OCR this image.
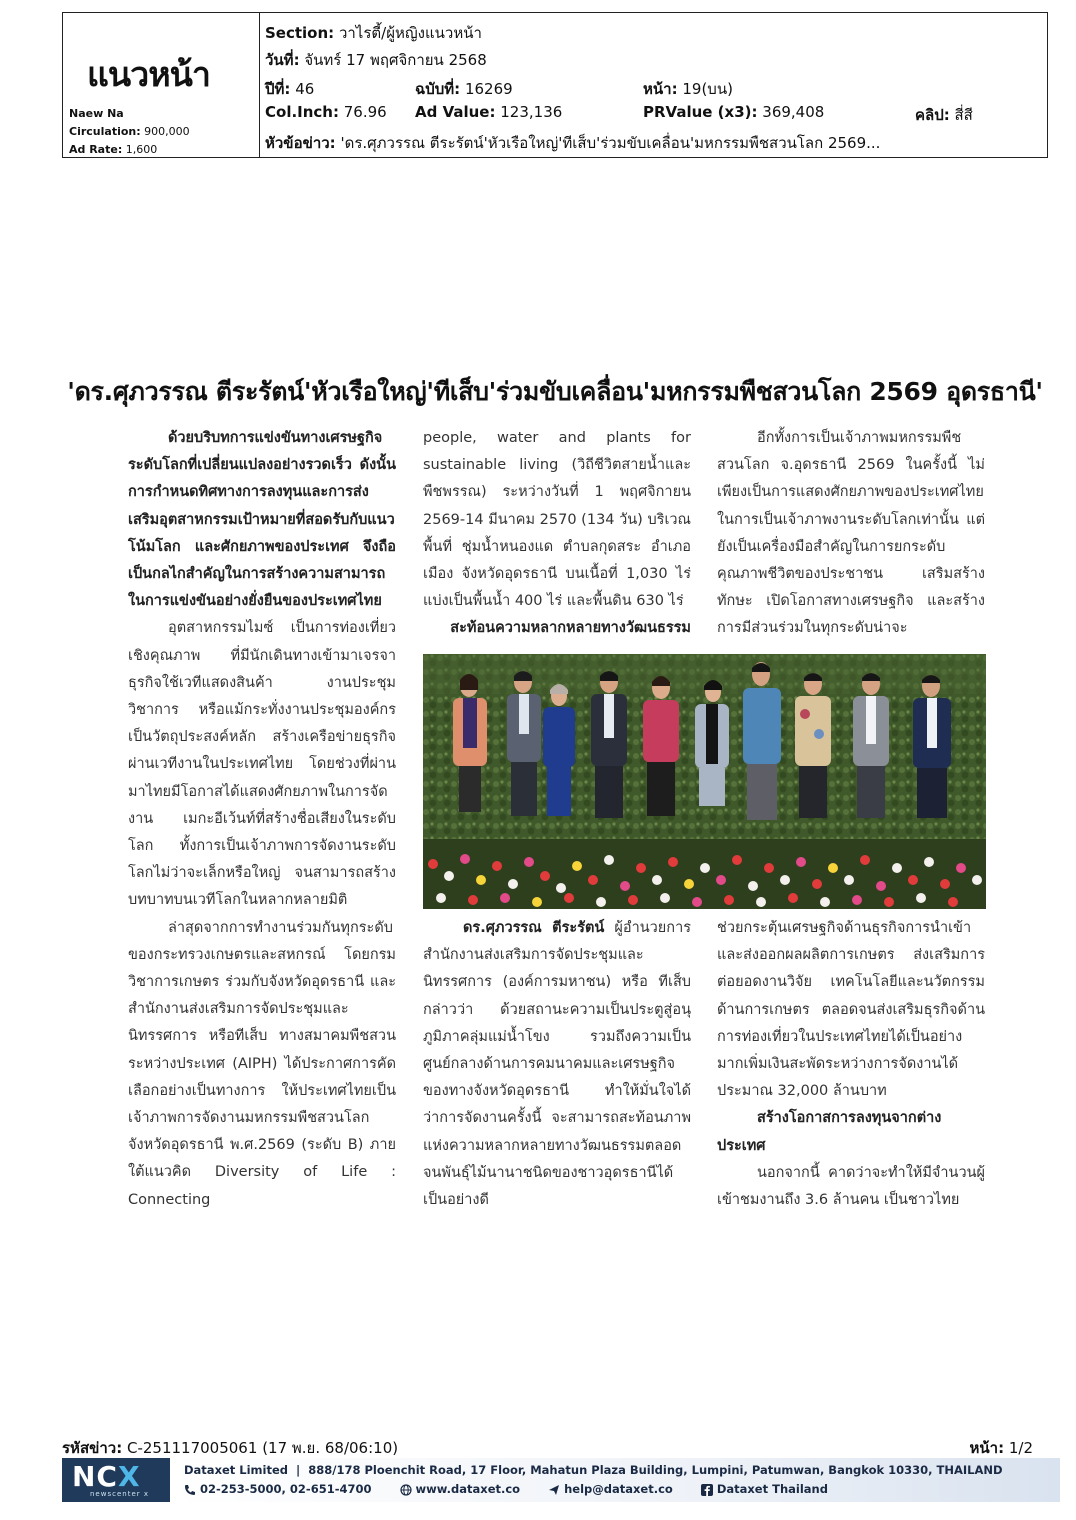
แนวหน้า
Naew Na
Circulation: 900,000
Ad Rate: 1,600
Section: วาไรตี้/ผู้หญิงแนวหน้า
วันที่: จันทร์ 17 พฤศจิกายน 2568
ปีที่: 46	ฉบับที่: 16269	หน้า: 19(บน)
Col.Inch: 76.96 Ad Value: 123,136	PRValue (x3): 369,408	คลิป: สี่สี
หัวข้อข่าว: 'ดร.ศุภวรรณ ตีระรัตน์'หัวเรือใหญ่'ทีเส็บ'ร่วมขับเคลื่อน'มหกรรมพืชสวนโลก 2569...
'ดร.ศุภวรรณ ตีระรัตน์'หัวเรือใหญ่'ทีเส็บ'ร่วมขับเคลื่อน'มหกรรมพืชสวนโลก 2569 อุดรธานี'

ด้วยบริบทการแข่งขันทางเศรษฐกิจระดับโลกที่เปลี่ยนแปลงอย่างรวดเร็ว ดังนั้น การกำหนดทิศทางการลงทุนและการส่งเสริมอุตสาหกรรมเป้าหมายที่สอดรับกับแนวโน้มโลก และศักยภาพของประเทศ จึงถือเป็นกลไกสำคัญในการสร้างความสามารถในการแข่งขันอย่างยั่งยืนของประเทศไทย

อุตสาหกรรมไมซ์ เป็นการท่องเที่ยวเชิงคุณภาพ ที่มีนักเดินทางเข้ามาเจรจาธุรกิจใช้เวทีแสดงสินค้า งานประชุมวิชาการ หรือแม้กระทั่งงานประชุมองค์กรเป็นวัตถุประสงค์หลัก สร้างเครือข่ายธุรกิจผ่านเวทีงานในประเทศไทย โดยช่วงที่ผ่านมาไทยมีโอกาสได้แสดงศักยภาพในการจัดงาน เมกะอีเว้นท์ที่สร้างชื่อเสียงในระดับโลก ทั้งการเป็นเจ้าภาพการจัดงานระดับโลกไม่ว่าจะเล็กหรือใหญ่ จนสามารถสร้างบทบาทบนเวทีโลกในหลากหลายมิติ

ล่าสุดจากการทำงานร่วมกันทุกระดับของกระทรวงเกษตรและสหกรณ์ โดยกรมวิชาการเกษตร ร่วมกับจังหวัดอุดรธานี และสำนักงานส่งเสริมการจัดประชุมและนิทรรศการ หรือทีเส็บ ทางสมาคมพืชสวนระหว่างประเทศ (AIPH) ได้ประกาศการคัดเลือกอย่างเป็นทางการ ให้ประเทศไทยเป็นเจ้าภาพการจัดงานมหกรรมพืชสวนโลก จังหวัดอุดรธานี พ.ศ.2569 (ระดับ B) ภายใต้แนวคิด Diversity of Life : Connecting

people, water and plants for sustainable living (วิถีชีวิตสายน้ำและพืชพรรณ) ระหว่างวันที่ 1 พฤศจิกายน 2569-14 มีนาคม 2570 (134 วัน) บริเวณพื้นที่ ชุ่มน้ำหนองแด ตำบลกุดสระ อำเภอเมือง จังหวัดอุดรธานี บนเนื้อที่ 1,030 ไร่ แบ่งเป็นพื้นน้ำ 400 ไร่ และพื้นดิน 630 ไร่

สะท้อนความหลากหลายทางวัฒนธรรม

อีกทั้งการเป็นเจ้าภาพมหกรรมพืชสวนโลก จ.อุดรธานี 2569 ในครั้งนี้ ไม่เพียงเป็นการแสดงศักยภาพของประเทศไทยในการเป็นเจ้าภาพงานระดับโลกเท่านั้น แต่ยังเป็นเครื่องมือสำคัญในการยกระดับคุณภาพชีวิตของประชาชน เสริมสร้างทักษะ เปิดโอกาสทางเศรษฐกิจ และสร้างการมีส่วนร่วมในทุกระดับน่าจะ

ดร.ศุภวรรณ ตีระรัตน์ ผู้อำนวยการสำนักงานส่งเสริมการจัดประชุมและนิทรรศการ (องค์การมหาชน) หรือ ทีเส็บ กล่าวว่า ด้วยสถานะความเป็นประตูสู่อนุภูมิภาคลุ่มแม่น้ำโขง รวมถึงความเป็นศูนย์กลางด้านการคมนาคมและเศรษฐกิจของทางจังหวัดอุดรธานี ทำให้มั่นใจได้ว่าการจัดงานครั้งนี้ จะสามารถสะท้อนภาพแห่งความหลากหลายทางวัฒนธรรมตลอดจนพันธุ์ไม้นานาชนิดของชาวอุดรธานีได้เป็นอย่างดี

ช่วยกระตุ้นเศรษฐกิจด้านธุรกิจการนำเข้าและส่งออกผลผลิตการเกษตร ส่งเสริมการต่อยอดงานวิจัย เทคโนโลยีและนวัตกรรมด้านการเกษตร ตลอดจนส่งเสริมธุรกิจด้านการท่องเที่ยวในประเทศไทยได้เป็นอย่างมากเพิ่มเงินสะพัดระหว่างการจัดงานได้ประมาณ 32,000 ล้านบาท

สร้างโอกาสการลงทุนจากต่างประเทศ

นอกจากนี้ คาดว่าจะทำให้มีจำนวนผู้เข้าชมงานถึง 3.6 ล้านคน เป็นชาวไทย

รหัสข่าว: C-251117005061 (17 พ.ย. 68/06:10)	หน้า: 1/2
NCX
newscenter x
Dataxet Limited  |  888/178 Ploenchit Road, 17 Floor, Mahatun Plaza Building, Lumpini, Patumwan, Bangkok 10330, THAILAND
02-253-5000, 02-651-4700	www.dataxet.co	help@dataxet.co	Dataxet Thailand
